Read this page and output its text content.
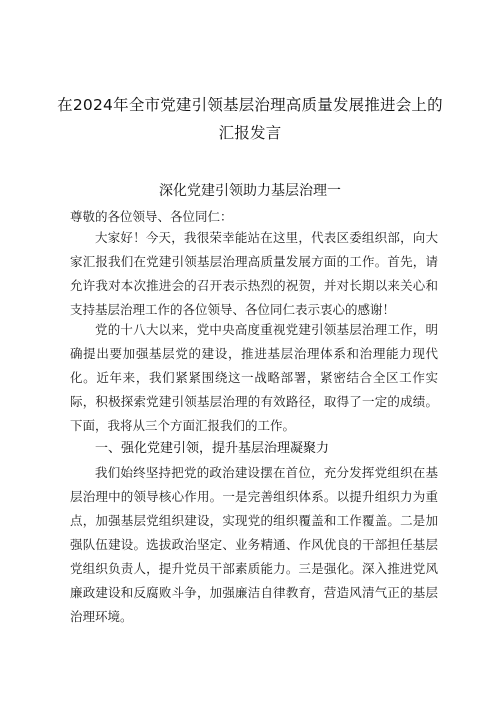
在2024年全市党建引领基层治理高质量发展推进会上的
汇报发言
深化党建引领助力基层治理一
尊敬的各位领导、各位同仁：

大家好！今天，我很荣幸能站在这里，代表区委组织部，向大家汇报我们在党建引领基层治理高质量发展方面的工作。首先，请允许我对本次推进会的召开表示热烈的祝贺，并对长期以来关心和支持基层治理工作的各位领导、各位同仁表示衷心的感谢！

党的十八大以来，党中央高度重视党建引领基层治理工作，明确提出要加强基层党的建设，推进基层治理体系和治理能力现代化。近年来，我们紧紧围绕这一战略部署，紧密结合全区工作实际，积极探索党建引领基层治理的有效路径，取得了一定的成绩。下面，我将从三个方面汇报我们的工作。

一、强化党建引领，提升基层治理凝聚力

我们始终坚持把党的政治建设摆在首位，充分发挥党组织在基层治理中的领导核心作用。一是完善组织体系。以提升组织力为重点，加强基层党组织建设，实现党的组织覆盖和工作覆盖。二是加强队伍建设。选拔政治坚定、业务精通、作风优良的干部担任基层党组织负责人，提升党员干部素质能力。三是强化。深入推进党风廉政建设和反腐败斗争，加强廉洁自律教育，营造风清气正的基层治理环境。
